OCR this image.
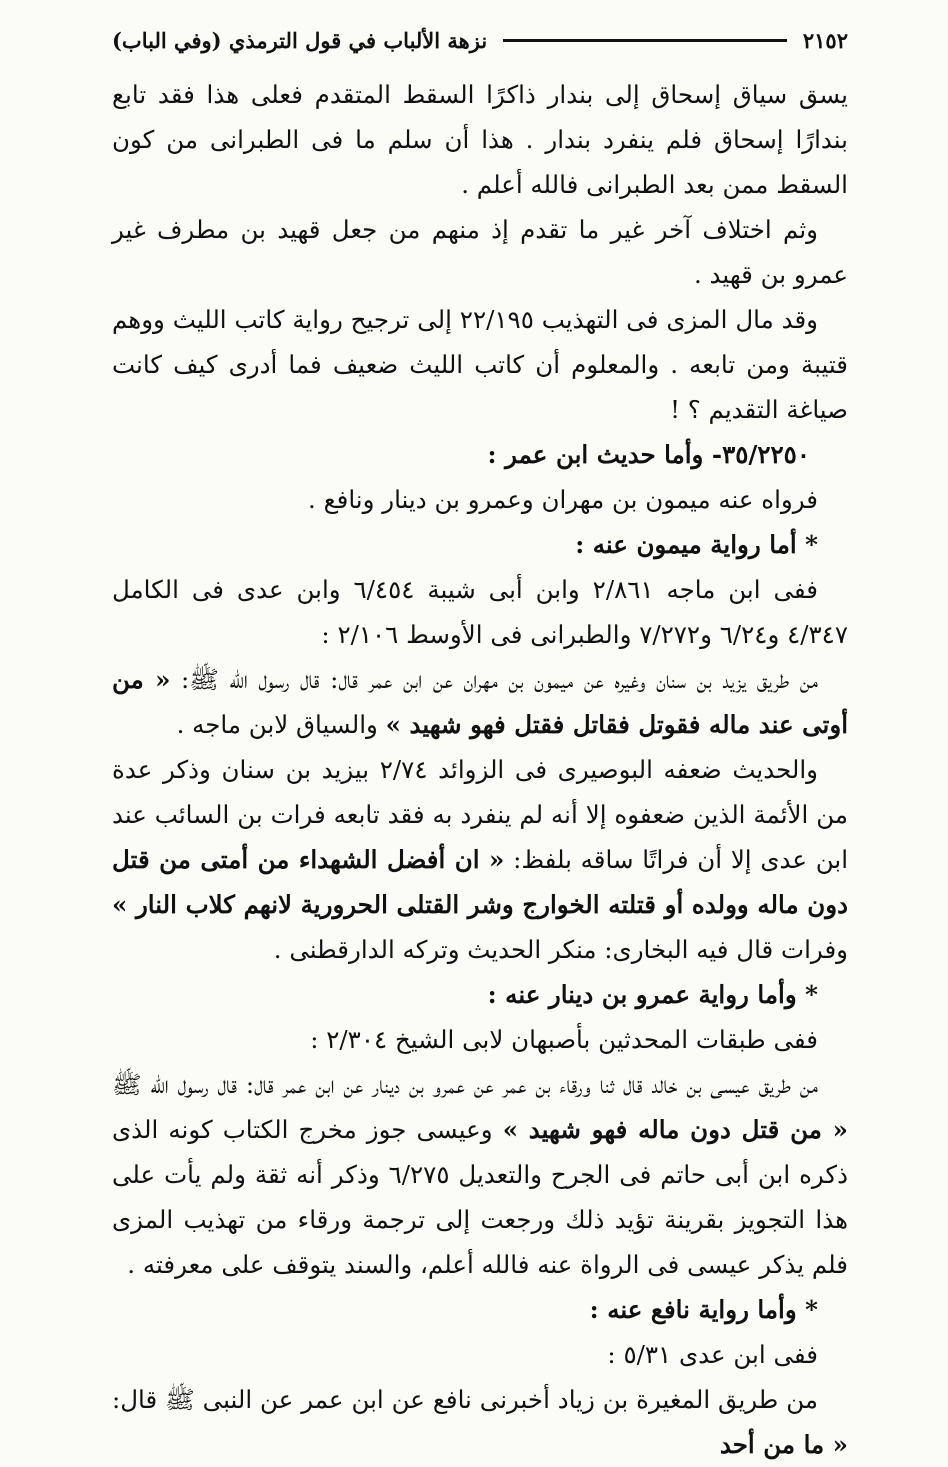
٢١٥٢
نزهة الألباب في قول الترمذي (وفي الباب)

يسق سياق إسحاق إلى بندار ذاكرًا السقط المتقدم فعلى هذا فقد تابع بندارًا إسحاق فلم ينفرد بندار . هذا أن سلم ما فى الطبرانى من كون السقط ممن بعد الطبرانى فالله أعلم .

وثم اختلاف آخر غير ما تقدم إذ منهم من جعل قهيد بن مطرف غير عمرو بن قهيد .

وقد مال المزى فى التهذيب ٢٢/١٩٥ إلى ترجيح رواية كاتب الليث ووهم قتيبة ومن تابعه . والمعلوم أن كاتب الليث ضعيف فما أدرى كيف كانت صياغة التقديم ؟ !

٣٥/٢٢٥٠- وأما حديث ابن عمر :

فرواه عنه ميمون بن مهران وعمرو بن دينار ونافع .

* أما رواية ميمون عنه :

ففى ابن ماجه ٢/٨٦١ وابن أبى شيبة ٦/٤٥٤ وابن عدى فى الكامل ٤/٣٤٧ و٦/٢٤ و٧/٢٧٢ والطبرانى فى الأوسط ٢/١٠٦ :

من طريق يزيد بن سنان وغيره عن ميمون بن مهران عن ابن عمر قال: قال رسول الله ﷺ: « من أوتى عند ماله فقوتل فقاتل فقتل فهو شهيد » والسياق لابن ماجه .

والحديث ضعفه البوصيرى فى الزوائد ٢/٧٤ بيزيد بن سنان وذكر عدة من الأئمة الذين ضعفوه إلا أنه لم ينفرد به فقد تابعه فرات بن السائب عند ابن عدى إلا أن فراتًا ساقه بلفظ: « ان أفضل الشهداء من أمتى من قتل دون ماله وولده أو قتلته الخوارج وشر القتلى الحرورية لانهم كلاب النار » وفرات قال فيه البخارى: منكر الحديث وتركه الدارقطنى .

* وأما رواية عمرو بن دينار عنه :

ففى طبقات المحدثين بأصبهان لابى الشيخ ٢/٣٠٤ :

من طريق عيسى بن خالد قال ثنا ورقاء بن عمر عن عمرو بن دينار عن ابن عمر قال: قال رسول الله ﷺ « من قتل دون ماله فهو شهيد » وعيسى جوز مخرج الكتاب كونه الذى ذكره ابن أبى حاتم فى الجرح والتعديل ٦/٢٧٥ وذكر أنه ثقة ولم يأت على هذا التجويز بقرينة تؤيد ذلك ورجعت إلى ترجمة ورقاء من تهذيب المزى فلم يذكر عيسى فى الرواة عنه فالله أعلم، والسند يتوقف على معرفته .

* وأما رواية نافع عنه :

ففى ابن عدى ٥/٣١ :

من طريق المغيرة بن زياد أخبرنى نافع عن ابن عمر عن النبى ﷺ قال: « ما من أحد
